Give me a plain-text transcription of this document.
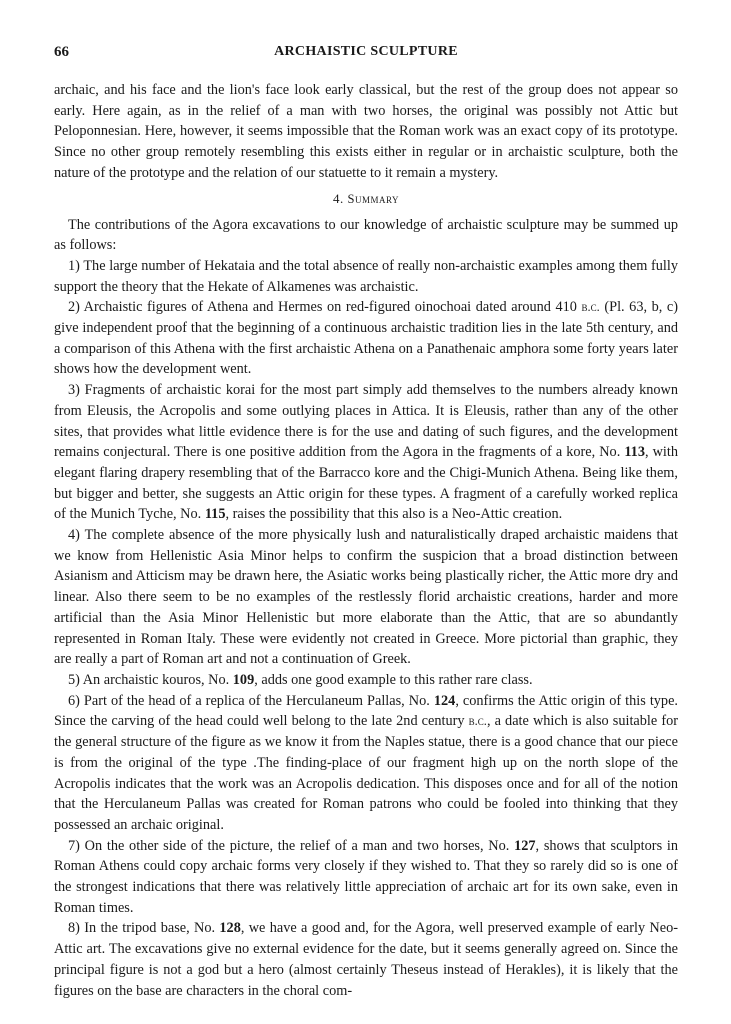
66	ARCHAISTIC SCULPTURE

archaic, and his face and the lion's face look early classical, but the rest of the group does not appear so early. Here again, as in the relief of a man with two horses, the original was possibly not Attic but Peloponnesian. Here, however, it seems impossible that the Roman work was an exact copy of its prototype. Since no other group remotely resembling this exists either in regular or in archaistic sculpture, both the nature of the prototype and the relation of our statuette to it remain a mystery.

4. Summary

The contributions of the Agora excavations to our knowledge of archaistic sculpture may be summed up as follows:

1) The large number of Hekataia and the total absence of really non-archaistic examples among them fully support the theory that the Hekate of Alkamenes was archaistic.

2) Archaistic figures of Athena and Hermes on red-figured oinochoai dated around 410 b.c. (Pl. 63, b, c) give independent proof that the beginning of a continuous archaistic tradition lies in the late 5th century, and a comparison of this Athena with the first archaistic Athena on a Panathenaic amphora some forty years later shows how the development went.

3) Fragments of archaistic korai for the most part simply add themselves to the numbers already known from Eleusis, the Acropolis and some outlying places in Attica. It is Eleusis, rather than any of the other sites, that provides what little evidence there is for the use and dating of such figures, and the development remains conjectural. There is one positive addition from the Agora in the fragments of a kore, No. 113, with elegant flaring drapery resembling that of the Barracco kore and the Chigi-Munich Athena. Being like them, but bigger and better, she suggests an Attic origin for these types. A fragment of a carefully worked replica of the Munich Tyche, No. 115, raises the possibility that this also is a Neo-Attic creation.

4) The complete absence of the more physically lush and naturalistically draped archaistic maidens that we know from Hellenistic Asia Minor helps to confirm the suspicion that a broad distinction between Asianism and Atticism may be drawn here, the Asiatic works being plastically richer, the Attic more dry and linear. Also there seem to be no examples of the restlessly florid archaistic creations, harder and more artificial than the Asia Minor Hellenistic but more elaborate than the Attic, that are so abundantly represented in Roman Italy. These were evidently not created in Greece. More pictorial than graphic, they are really a part of Roman art and not a continuation of Greek.

5) An archaistic kouros, No. 109, adds one good example to this rather rare class.

6) Part of the head of a replica of the Herculaneum Pallas, No. 124, confirms the Attic origin of this type. Since the carving of the head could well belong to the late 2nd century b.c., a date which is also suitable for the general structure of the figure as we know it from the Naples statue, there is a good chance that our piece is from the original of the type .The finding-place of our fragment high up on the north slope of the Acropolis indicates that the work was an Acropolis dedication. This disposes once and for all of the notion that the Herculaneum Pallas was created for Roman patrons who could be fooled into thinking that they possessed an archaic original.

7) On the other side of the picture, the relief of a man and two horses, No. 127, shows that sculptors in Roman Athens could copy archaic forms very closely if they wished to. That they so rarely did so is one of the strongest indications that there was relatively little appreciation of archaic art for its own sake, even in Roman times.

8) In the tripod base, No. 128, we have a good and, for the Agora, well preserved example of early Neo-Attic art. The excavations give no external evidence for the date, but it seems generally agreed on. Since the principal figure is not a god but a hero (almost certainly Theseus instead of Herakles), it is likely that the figures on the base are characters in the choral com-
